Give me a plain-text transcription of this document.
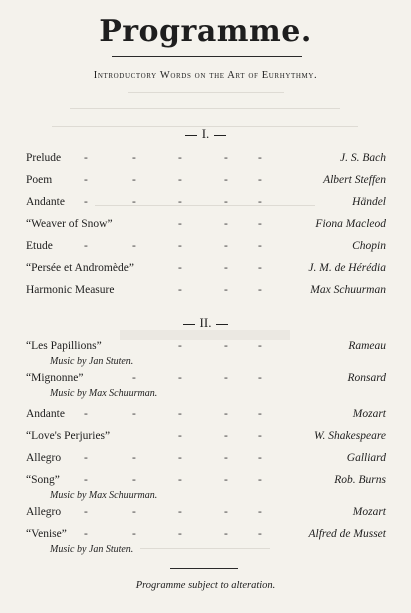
Programme.
Introductory Words on the Art of Eurhythmy.
I.
Prelude -	-	-	-	-	J. S. Bach
Poem	-	-	-	-	-	Albert Steffen
Andante -	-	-	-	-	Händel
“Weaver of Snow”	-	-	-	Fiona Macleod
Etude	-	-	-	-	-	Chopin
“Persée et Andromède”	-	-	-	J. M. de Hérédia
Harmonic Measure	-	-	-	Max Schuurman
II.
“Les Papillions”	-	-	-	Rameau
Music by Jan Stuten.
“Mignonne”	-	-	-	-	Ronsard
Music by Max Schuurman.
Andante -	-	-	-	-	Mozart
“Love's Perjuries”	-	-	-	W. Shakespeare
Allegro -	-	-	-	-	Galliard
“Song” -	-	-	-	-	Rob. Burns
Music by Max Schuurman.
Allegro -	-	-	-	-	Mozart
“Venise” -	-	-	-	-	Alfred de Musset
Music by Jan Stuten.
Programme subject to alteration.
